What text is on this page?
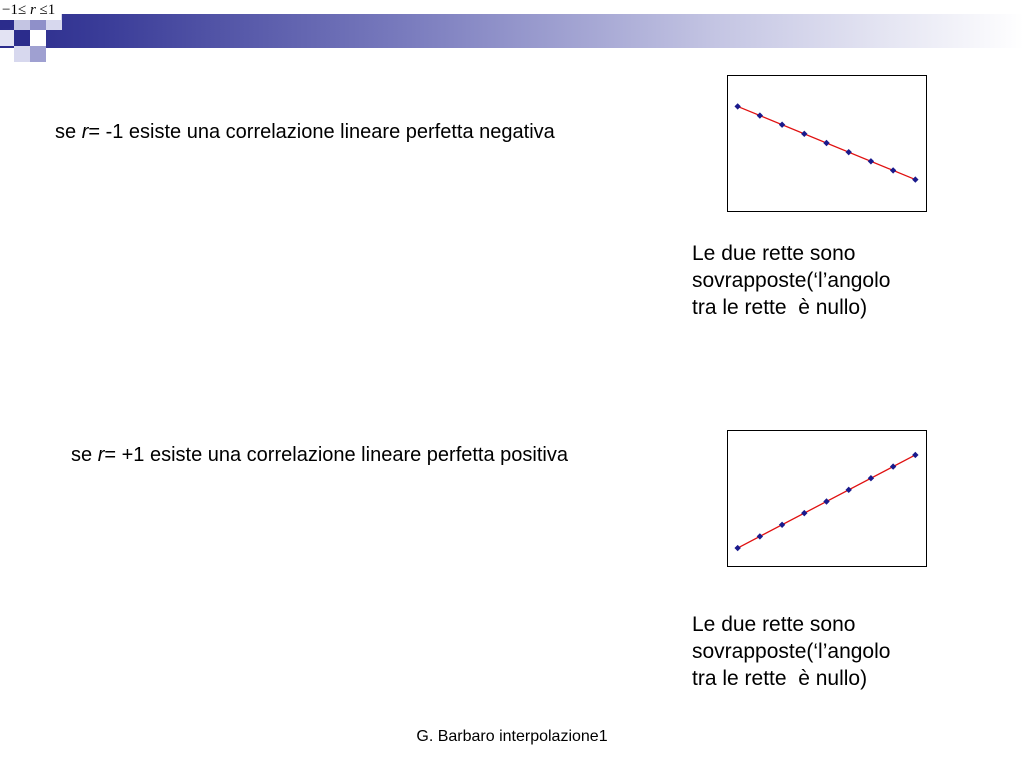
−1≤ r ≤1
se r= -1 esiste una correlazione lineare perfetta negativa
Le due rette sono
sovrapposte(‘l’angolo
tra le rette  è nullo)
se r= +1 esiste una correlazione lineare perfetta positiva
Le due rette sono
sovrapposte(‘l’angolo
tra le rette  è nullo)
G. Barbaro interpolazione1
